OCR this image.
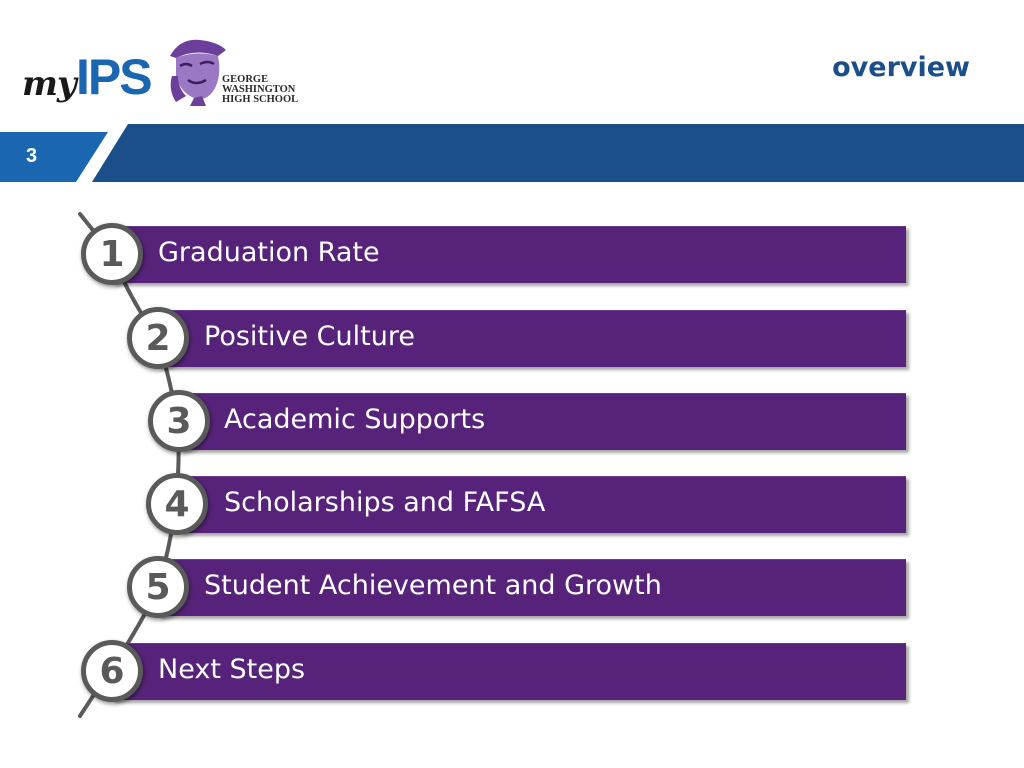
my IPS	GEORGE
WASHINGTON
HIGH SCHOOL
overview
3
Graduation Rate
1
Positive Culture
2
Academic Supports
3
Scholarships and FAFSA
4
Student Achievement and Growth
5
Next Steps
6
